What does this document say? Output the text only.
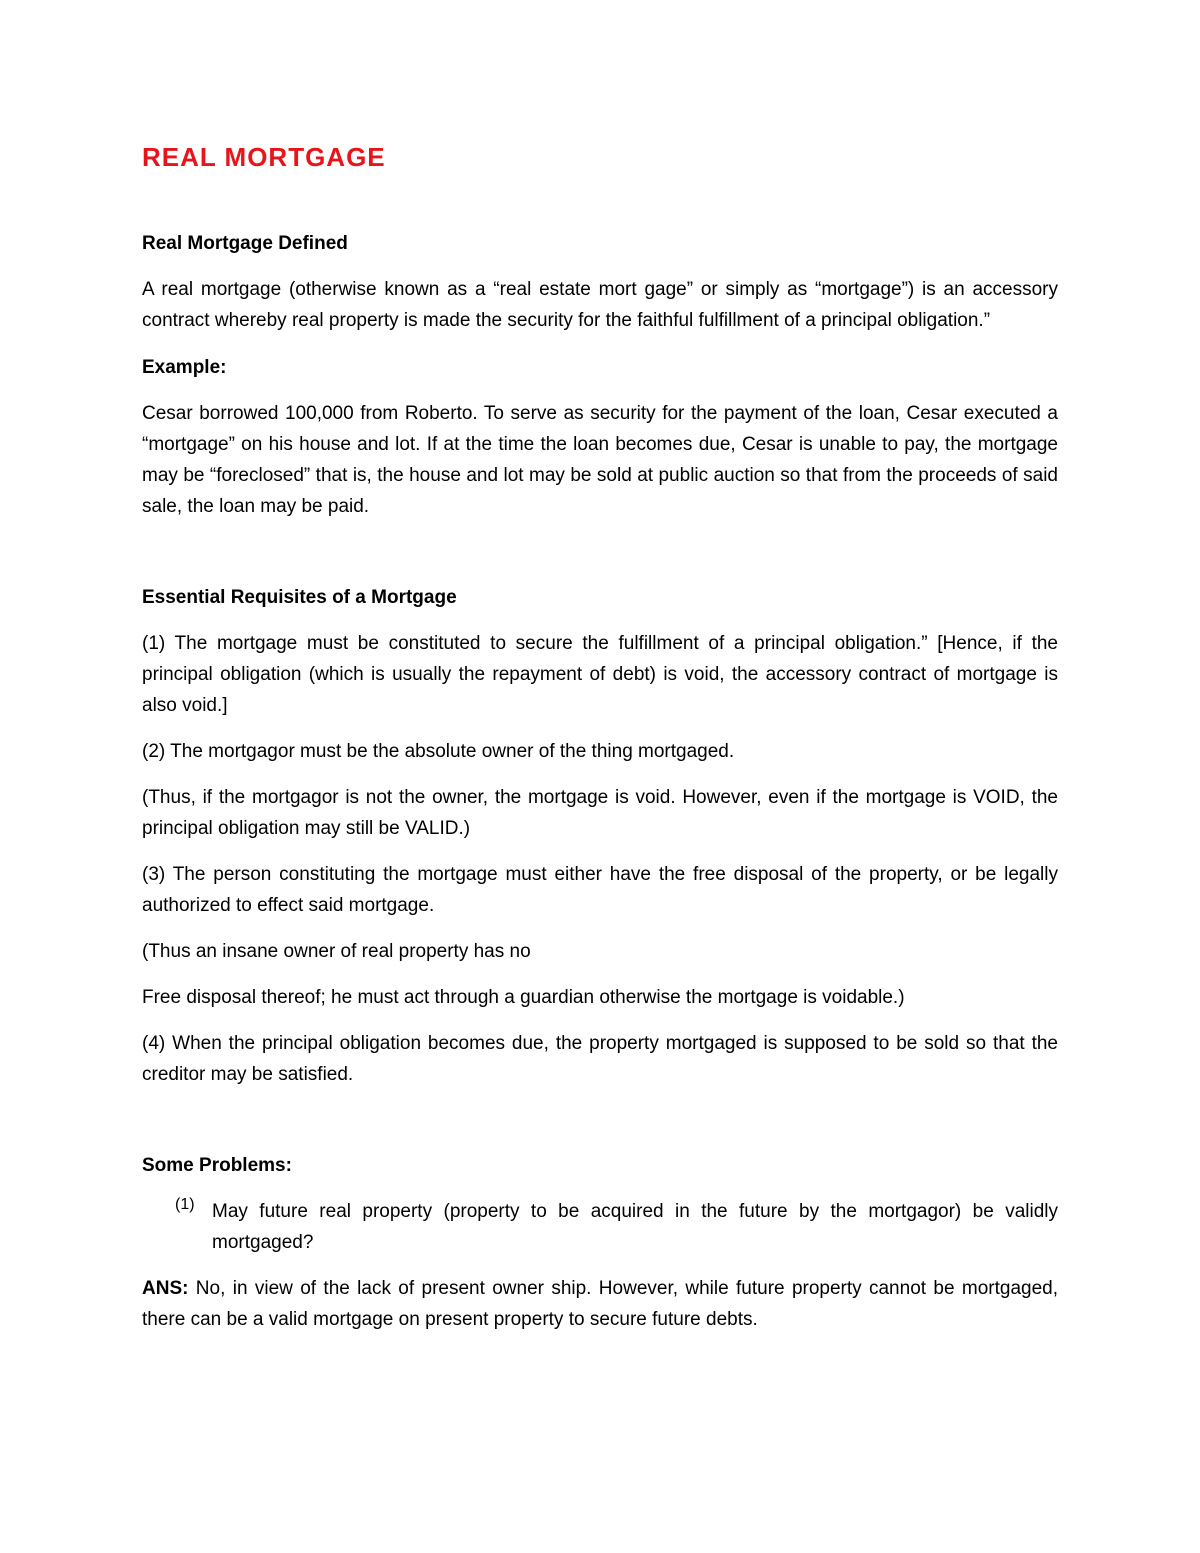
REAL MORTGAGE
Real Mortgage Defined

A real mortgage (otherwise known as a “real estate mort gage” or simply as “mortgage”) is an accessory contract whereby real property is made the security for the faithful fulfillment of a principal obligation.”

Example:

Cesar borrowed 100,000 from Roberto. To serve as security for the payment of the loan, Cesar executed a “mortgage” on his house and lot. If at the time the loan becomes due, Cesar is unable to pay, the mortgage may be “foreclosed” that is, the house and lot may be sold at public auction so that from the proceeds of said sale, the loan may be paid.

Essential Requisites of a Mortgage

(1) The mortgage must be constituted to secure the fulfillment of a principal obligation.” [Hence, if the principal obligation (which is usually the repayment of debt) is void, the accessory contract of mortgage is also void.]

(2) The mortgagor must be the absolute owner of the thing mortgaged.

(Thus, if the mortgagor is not the owner, the mortgage is void. However, even if the mortgage is VOID, the principal obligation may still be VALID.)

(3) The person constituting the mortgage must either have the free disposal of the property, or be legally authorized to effect said mortgage.

(Thus an insane owner of real property has no

Free disposal thereof; he must act through a guardian otherwise the mortgage is voidable.)

(4) When the principal obligation becomes due, the property mortgaged is supposed to be sold so that the creditor may be satisfied.

Some Problems:
(1) May future real property (property to be acquired in the future by the mortgagor) be validly mortgaged?

ANS: No, in view of the lack of present owner ship. However, while future property cannot be mortgaged, there can be a valid mortgage on present property to secure future debts.
